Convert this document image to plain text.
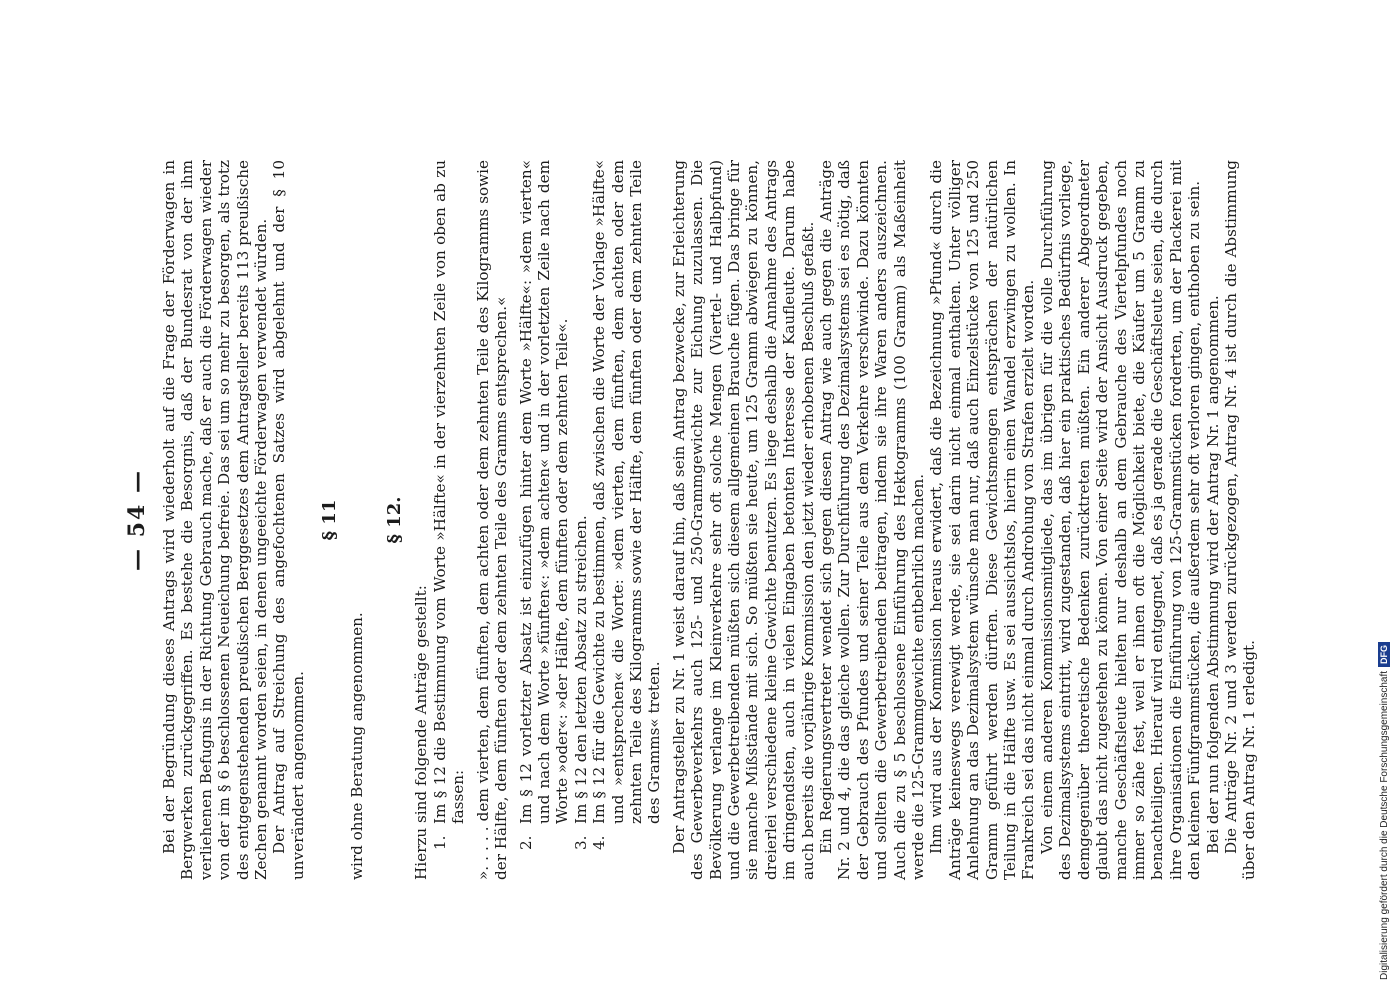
— 54 — Bei der Begründung dieses Antrags wird wiederholt auf die Frage der Förderwagen in Bergwerken zurückgegriffen. Es bestehe die Besorgnis, daß der Bundesrat von der ihm verliehenen Befugnis in der Richtung Gebrauch mache, daß er auch die Förderwagen wieder von der im § 6 beschlossenen Neueichung befreie. Das sei um so mehr zu besorgen, als trotz des entgegenstehenden preußischen Berggesetzes dem Antragsteller bereits 113 preußische Zechen genannt worden seien, in denen ungeeichte Förderwagen verwendet würden. Der Antrag auf Streichung des angefochtenen Satzes wird abgelehnt und der § 10 unverändert angenommen.

§ 11

wird ohne Beratung angenommen.

§ 12.

Hierzu sind folgende Anträge gestellt: 1.
Im § 12 die Bestimmung vom Worte »Hälfte« in der vierzehnten Zeile von oben ab zu fassen: ». . . . . dem vierten, dem fünften, dem achten oder dem zehnten Teile des Kilogramms sowie der Hälfte, dem fünften oder dem zehnten Teile des Gramms entsprechen.« 2.
Im § 12 vorletzter Absatz ist einzufügen hinter dem Worte »Hälfte«: »dem vierten« und nach dem Worte »fünften«: »dem achten« und in der vorletzten Zeile nach dem Worte »oder«: »der Hälfte, dem fünften oder dem zehnten Teile«.
3.
Im § 12 den letzten Absatz zu streichen.
4.
Im § 12 für die Gewichte zu bestimmen, daß zwischen die Worte der Vorlage »Hälfte« und »entsprechen« die Worte: »dem vierten, dem fünften, dem achten oder dem zehnten Teile des Kilogramms sowie der Hälfte, dem fünften oder dem zehnten Teile des Gramms« treten. Der Antragsteller zu Nr. 1 weist darauf hin, daß sein Antrag bezwecke, zur Erleichterung des Gewerbeverkehrs auch 125- und 250-Grammgewichte zur Eichung zuzulassen. Die Bevölkerung verlange im Kleinverkehre sehr oft solche Mengen (Viertel- und Halbpfund) und die Gewerbetreibenden müßten sich diesem allgemeinen Brauche fügen. Das bringe für sie manche Mißstände mit sich. So müßten sie heute, um 125 Gramm abwiegen zu können, dreierlei verschiedene kleine Gewichte benutzen. Es liege deshalb die Annahme des Antrags im dringendsten, auch in vielen Eingaben betonten Interesse der Kaufleute. Darum habe auch bereits die vorjährige Kommission den jetzt wieder erhobenen Beschluß gefaßt. Ein Regierungsvertreter wendet sich gegen diesen Antrag wie auch gegen die Anträge Nr. 2 und 4, die das gleiche wollen. Zur Durchführung des Dezimalsystems sei es nötig, daß der Gebrauch des Pfundes und seiner Teile aus dem Verkehre verschwinde. Dazu könnten und sollten die Gewerbetreibenden beitragen, indem sie ihre Waren anders auszeichnen. Auch die zu § 5 beschlossene Einführung des Hektogramms (100 Gramm) als Maßeinheit werde die 125-Grammgewichte entbehrlich machen. Ihm wird aus der Kommission heraus erwidert, daß die Bezeichnung »Pfund« durch die Anträge keineswegs verewigt werde, sie sei darin nicht einmal enthalten. Unter völliger Anlehnung an das Dezimalsystem wünsche man nur, daß auch Einzelstücke von 125 und 250 Gramm geführt werden dürften. Diese Gewichtsmengen entsprächen der natürlichen Teilung in die Hälfte usw. Es sei aussichtslos, hierin einen Wandel erzwingen zu wollen. In Frankreich sei das nicht einmal durch Androhung von Strafen erzielt worden. Von einem anderen Kommissionsmitgliede, das im übrigen für die volle Durchführung des Dezimalsystems eintritt, wird zugestanden, daß hier ein praktisches Bedürfnis vorliege, demgegenüber theoretische Bedenken zurücktreten müßten. Ein anderer Abgeordneter glaubt das nicht zugestehen zu können. Von einer Seite wird der Ansicht Ausdruck gegeben, manche Geschäftsleute hielten nur deshalb an dem Gebrauche des Viertelpfundes noch immer so zähe fest, weil er ihnen oft die Möglichkeit biete, die Käufer um 5 Gramm zu benachteiligen. Hierauf wird entgegnet, daß es ja gerade die Geschäftsleute seien, die durch ihre Organisationen die Einführung von 125-Grammstücken forderten, um der Plackerei mit den kleinen Fünfgrammstücken, die außerdem sehr oft verloren gingen, enthoben zu sein. Bei der nun folgenden Abstimmung wird der Antrag Nr. 1 angenommen. Die Anträge Nr. 2 und 3 werden zurückgezogen, Antrag Nr. 4 ist durch die Abstimmung über den Antrag Nr. 1 erledigt.	Digitalisierung gefördert durch die Deutsche Forschungsgemeinschaft
DFG
